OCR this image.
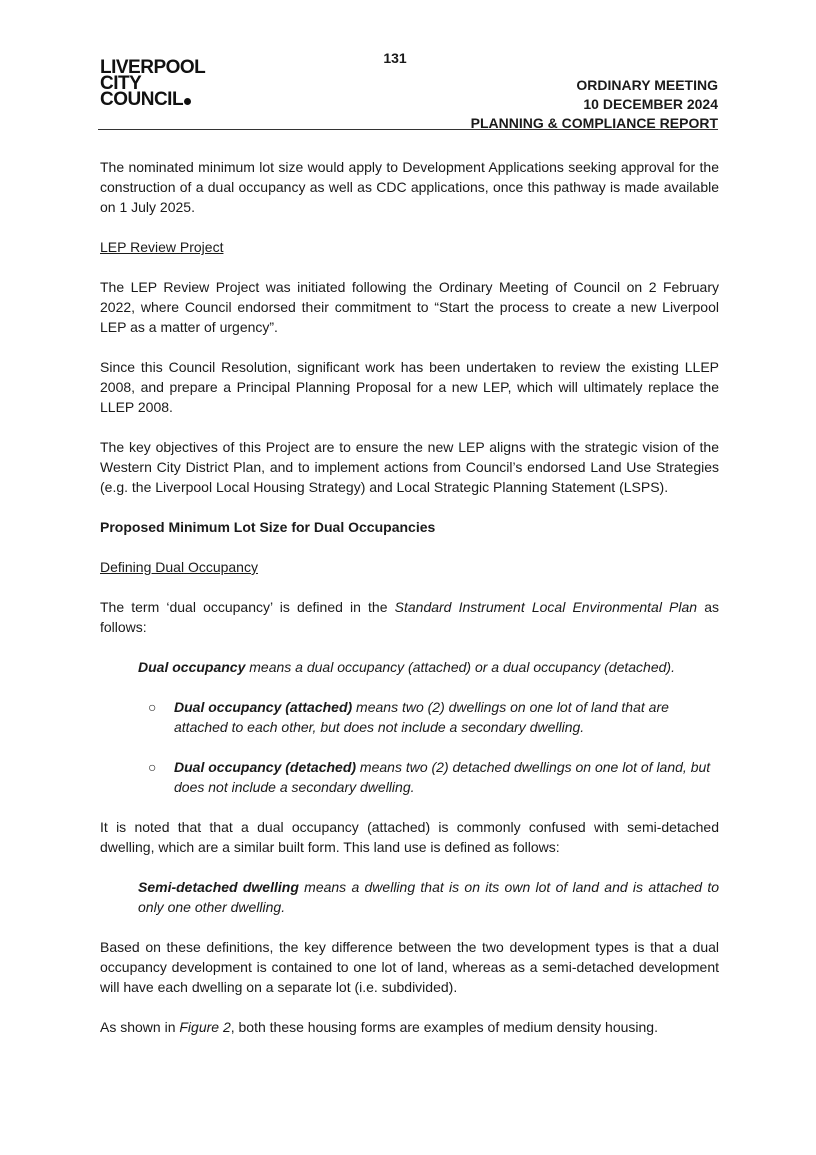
131
LIVERPOOL
CITY
COUNCIL
ORDINARY MEETING
10 DECEMBER 2024
PLANNING & COMPLIANCE REPORT

The nominated minimum lot size would apply to Development Applications seeking approval for the construction of a dual occupancy as well as CDC applications, once this pathway is made available on 1 July 2025.

LEP Review Project

The LEP Review Project was initiated following the Ordinary Meeting of Council on 2 February 2022, where Council endorsed their commitment to “Start the process to create a new Liverpool LEP as a matter of urgency”.

Since this Council Resolution, significant work has been undertaken to review the existing LLEP 2008, and prepare a Principal Planning Proposal for a new LEP, which will ultimately replace the LLEP 2008.

The key objectives of this Project are to ensure the new LEP aligns with the strategic vision of the Western City District Plan, and to implement actions from Council’s endorsed Land Use Strategies (e.g. the Liverpool Local Housing Strategy) and Local Strategic Planning Statement (LSPS).

Proposed Minimum Lot Size for Dual Occupancies

Defining Dual Occupancy

The term ‘dual occupancy’ is defined in the Standard Instrument Local Environmental Plan as follows:

Dual occupancy means a dual occupancy (attached) or a dual occupancy (detached).

○ Dual occupancy (attached) means two (2) dwellings on one lot of land that are attached to each other, but does not include a secondary dwelling.
○ Dual occupancy (detached) means two (2) detached dwellings on one lot of land, but does not include a secondary dwelling.

It is noted that that a dual occupancy (attached) is commonly confused with semi-detached dwelling, which are a similar built form. This land use is defined as follows:

Semi-detached dwelling means a dwelling that is on its own lot of land and is attached to only one other dwelling.

Based on these definitions, the key difference between the two development types is that a dual occupancy development is contained to one lot of land, whereas as a semi-detached development will have each dwelling on a separate lot (i.e. subdivided).

As shown in Figure 2, both these housing forms are examples of medium density housing.
